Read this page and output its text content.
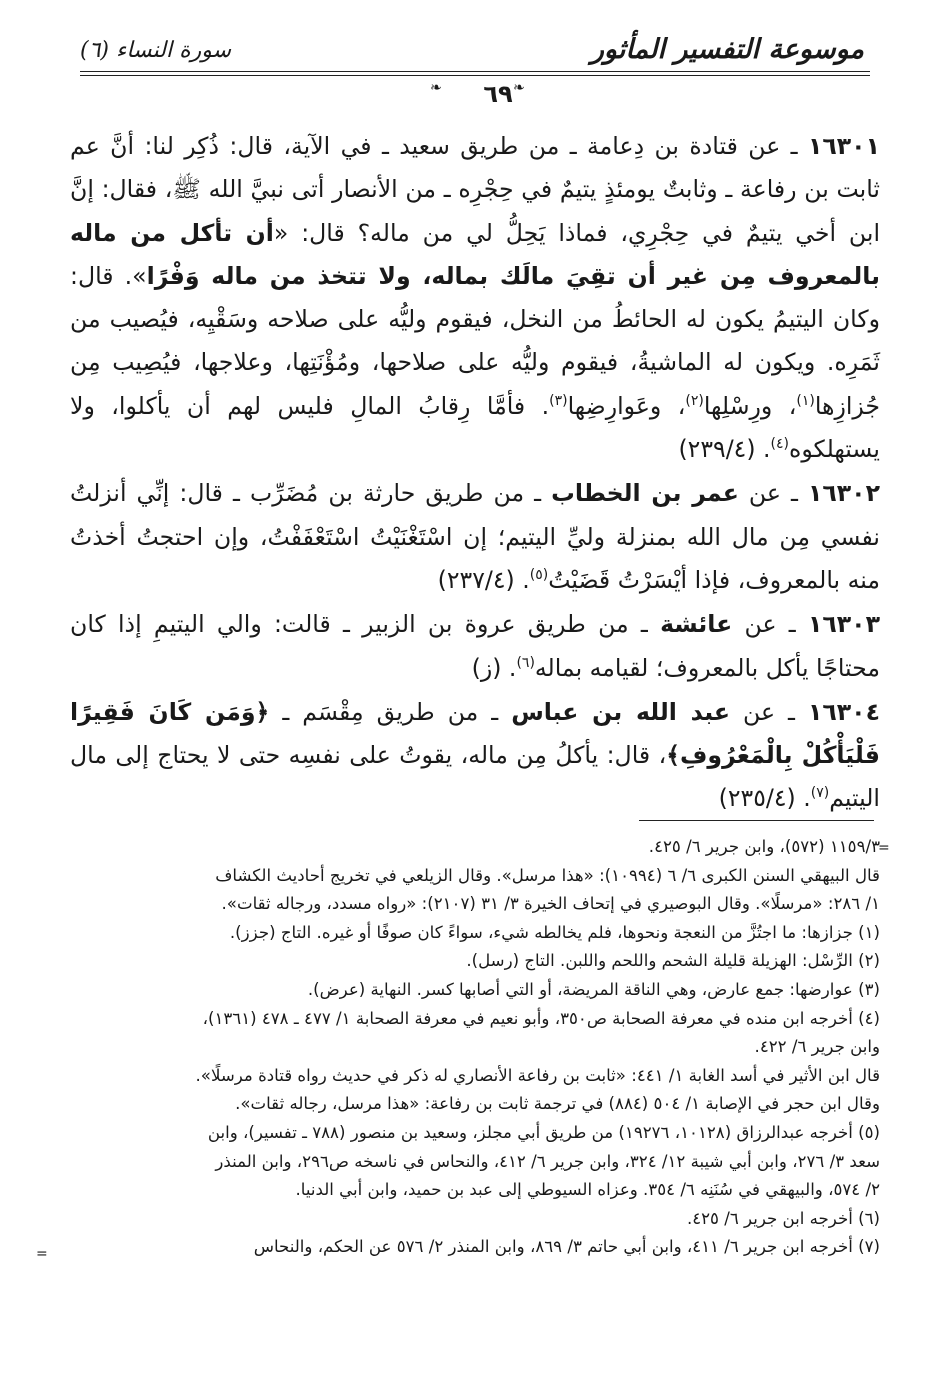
سورة النساء (٦)	موسوعة التفسير المأثور
❧	٦٩ ❧

١٦٣٠١ ـ عن قتادة بن دِعامة ـ من طريق سعيد ـ في الآية، قال: ذُكِر لنا: أنَّ عم ثابت بن رفاعة ـ وثابتٌ يومئذٍ يتيمٌ في حِجْرِه ـ من الأنصار أتى نبيَّ الله ﷺ، فقال: إنَّ ابن أخي يتيمٌ في حِجْرِي، فماذا يَحِلُّ لي من ماله؟ قال: «أن تأكل من ماله بالمعروف مِن غير أن تقِيَ مالَك بماله، ولا تتخذ من ماله وَفْرًا». قال: وكان اليتيمُ يكون له الحائطُ من النخل، فيقوم وليُّه على صلاحه وسَقْيِه، فيُصيب من ثَمَرِه. ويكون له الماشيةُ، فيقوم وليُّه على صلاحها، ومُؤْنَتِها، وعلاجها، فيُصِيب مِن جُزازِها$^{(١)}$، ورِسْلِها$^{(٢)}$، وعَوارِضِها$^{(٣)}$. فأمَّا رِقابُ المالِ فليس لهم أن يأكلوا، ولا يستهلكوه$^{(٤)}$. (٢٣٩/٤)

١٦٣٠٢ ـ عن عمر بن الخطاب ـ من طريق حارثة بن مُضَرِّب ـ قال: إنِّي أنزلتُ نفسي مِن مال الله بمنزلة وليِّ اليتيم؛ إن اسْتَغْنَيْتُ اسْتَعْفَفْتُ، وإن احتجتُ أخذتُ منه بالمعروف، فإذا أيْسَرْتُ قَضَيْتُ$^{(٥)}$. (٢٣٧/٤)

١٦٣٠٣ ـ عن عائشة ـ من طريق عروة بن الزبير ـ قالت: والي اليتيمِ إذا كان محتاجًا يأكل بالمعروف؛ لقيامه بماله$^{(٦)}$. (ز)

١٦٣٠٤ ـ عن عبد الله بن عباس ـ من طريق مِقْسَم ـ ﴿وَمَن كَانَ فَقِيرًا فَلْيَأْكُلْ بِالْمَعْرُوفِ﴾، قال: يأكلُ مِن ماله، يقوتُ على نفسِه حتى لا يحتاج إلى مال اليتيم$^{(٧)}$. (٢٣٥/٤)

=
=
١١٥٩/٣ (٥٧٢)، وابن جرير ٦/ ٤٢٥.
قال البيهقي السنن الكبرى ٦/ ٦ (١٠٩٩٤): «هذا مرسل». وقال الزيلعي في تخريج أحاديث الكشاف
١/ ٢٨٦: «مرسلًا». وقال البوصيري في إتحاف الخيرة ٣/ ٣١ (٢١٠٧): «رواه مسدد، ورجاله ثقات».
(١) جزازها: ما اجتُزَّ من النعجة ونحوها، فلم يخالطه شيء، سواءً كان صوفًا أو غيره. التاج (جزز).
(٢) الرِّسْل: الهزيلة قليلة الشحم واللحم واللبن. التاج (رسل).
(٣) عوارضها: جمع عارض، وهي الناقة المريضة، أو التي أصابها كسر. النهاية (عرض).
(٤) أخرجه ابن منده في معرفة الصحابة ص٣٥٠، وأبو نعيم في معرفة الصحابة ١/ ٤٧٧ ـ ٤٧٨ (١٣٦١)،
وابن جرير ٦/ ٤٢٢.
قال ابن الأثير في أسد الغابة ١/ ٤٤١: «ثابت بن رفاعة الأنصاري له ذكر في حديث رواه قتادة مرسلًا».
وقال ابن حجر في الإصابة ١/ ٥٠٤ (٨٨٤) في ترجمة ثابت بن رفاعة: «هذا مرسل، رجاله ثقات».
(٥) أخرجه عبدالرزاق (١٠١٢٨، ١٩٢٧٦) من طريق أبي مجلز، وسعيد بن منصور (٧٨٨ ـ تفسير)، وابن
سعد ٣/ ٢٧٦، وابن أبي شيبة ١٢/ ٣٢٤، وابن جرير ٦/ ٤١٢، والنحاس في ناسخه ص٢٩٦، وابن المنذر
٢/ ٥٧٤، والبيهقي في سُنَنِه ٦/ ٣٥٤. وعزاه السيوطي إلى عبد بن حميد، وابن أبي الدنيا.
(٦) أخرجه ابن جرير ٦/ ٤٢٥.
(٧) أخرجه ابن جرير ٦/ ٤١١، وابن أبي حاتم ٣/ ٨٦٩، وابن المنذر ٢/ ٥٧٦ عن الحكم، والنحاس
